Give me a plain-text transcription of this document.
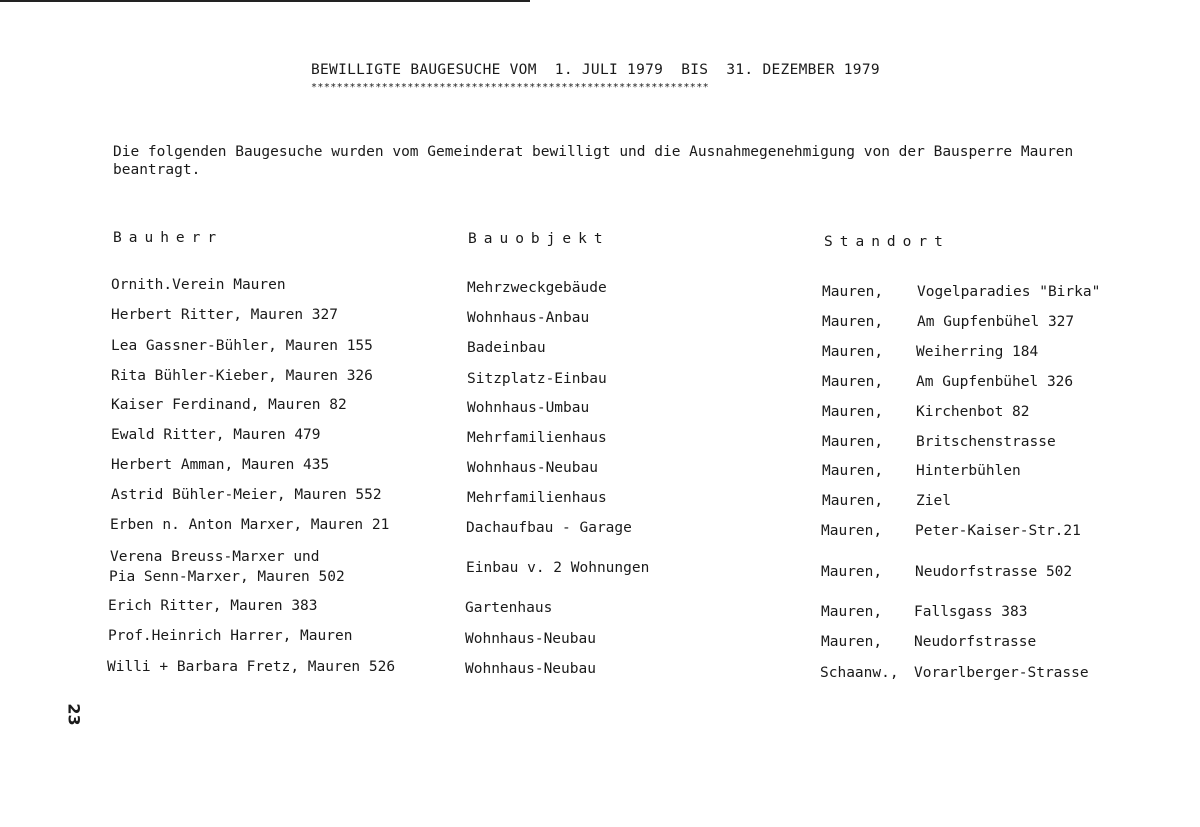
BEWILLIGTE BAUGESUCHE VOM  1. JULI 1979  BIS  31. DEZEMBER 1979
**************************************************************
Die folgenden Baugesuche wurden vom Gemeinderat bewilligt und die Ausnahmegenehmigung von der Bausperre Mauren beantragt.
Bauherr	Bauobjekt	Standort
Ornith.Verein Mauren	Mehrzweckgebäude	Mauren, Vogelparadies "Birka"
Herbert Ritter, Mauren 327	Wohnhaus-Anbau	Mauren, Am Gupfenbühel 327
Lea Gassner-Bühler, Mauren 155	Badeinbau	Mauren, Weiherring 184
Rita Bühler-Kieber, Mauren 326	Sitzplatz-Einbau	Mauren, Am Gupfenbühel 326
Kaiser Ferdinand, Mauren 82	Wohnhaus-Umbau	Mauren, Kirchenbot 82
Ewald Ritter, Mauren 479	Mehrfamilienhaus	Mauren, Britschenstrasse
Herbert Amman, Mauren 435	Wohnhaus-Neubau	Mauren, Hinterbühlen
Astrid Bühler-Meier, Mauren 552	Mehrfamilienhaus	Mauren, Ziel
Erben n. Anton Marxer, Mauren 21	Dachaufbau - Garage	Mauren, Peter-Kaiser-Str.21
Verena Breuss-Marxer und
Pia Senn-Marxer, Mauren 502
Einbau v. 2 Wohnungen	Mauren, Neudorfstrasse 502
Erich Ritter, Mauren 383	Gartenhaus	Mauren, Fallsgass 383
Prof.Heinrich Harrer, Mauren	Wohnhaus-Neubau	Mauren, Neudorfstrasse
Willi + Barbara Fretz, Mauren 526	Wohnhaus-Neubau	Schaanw., Vorarlberger-Strasse
23
